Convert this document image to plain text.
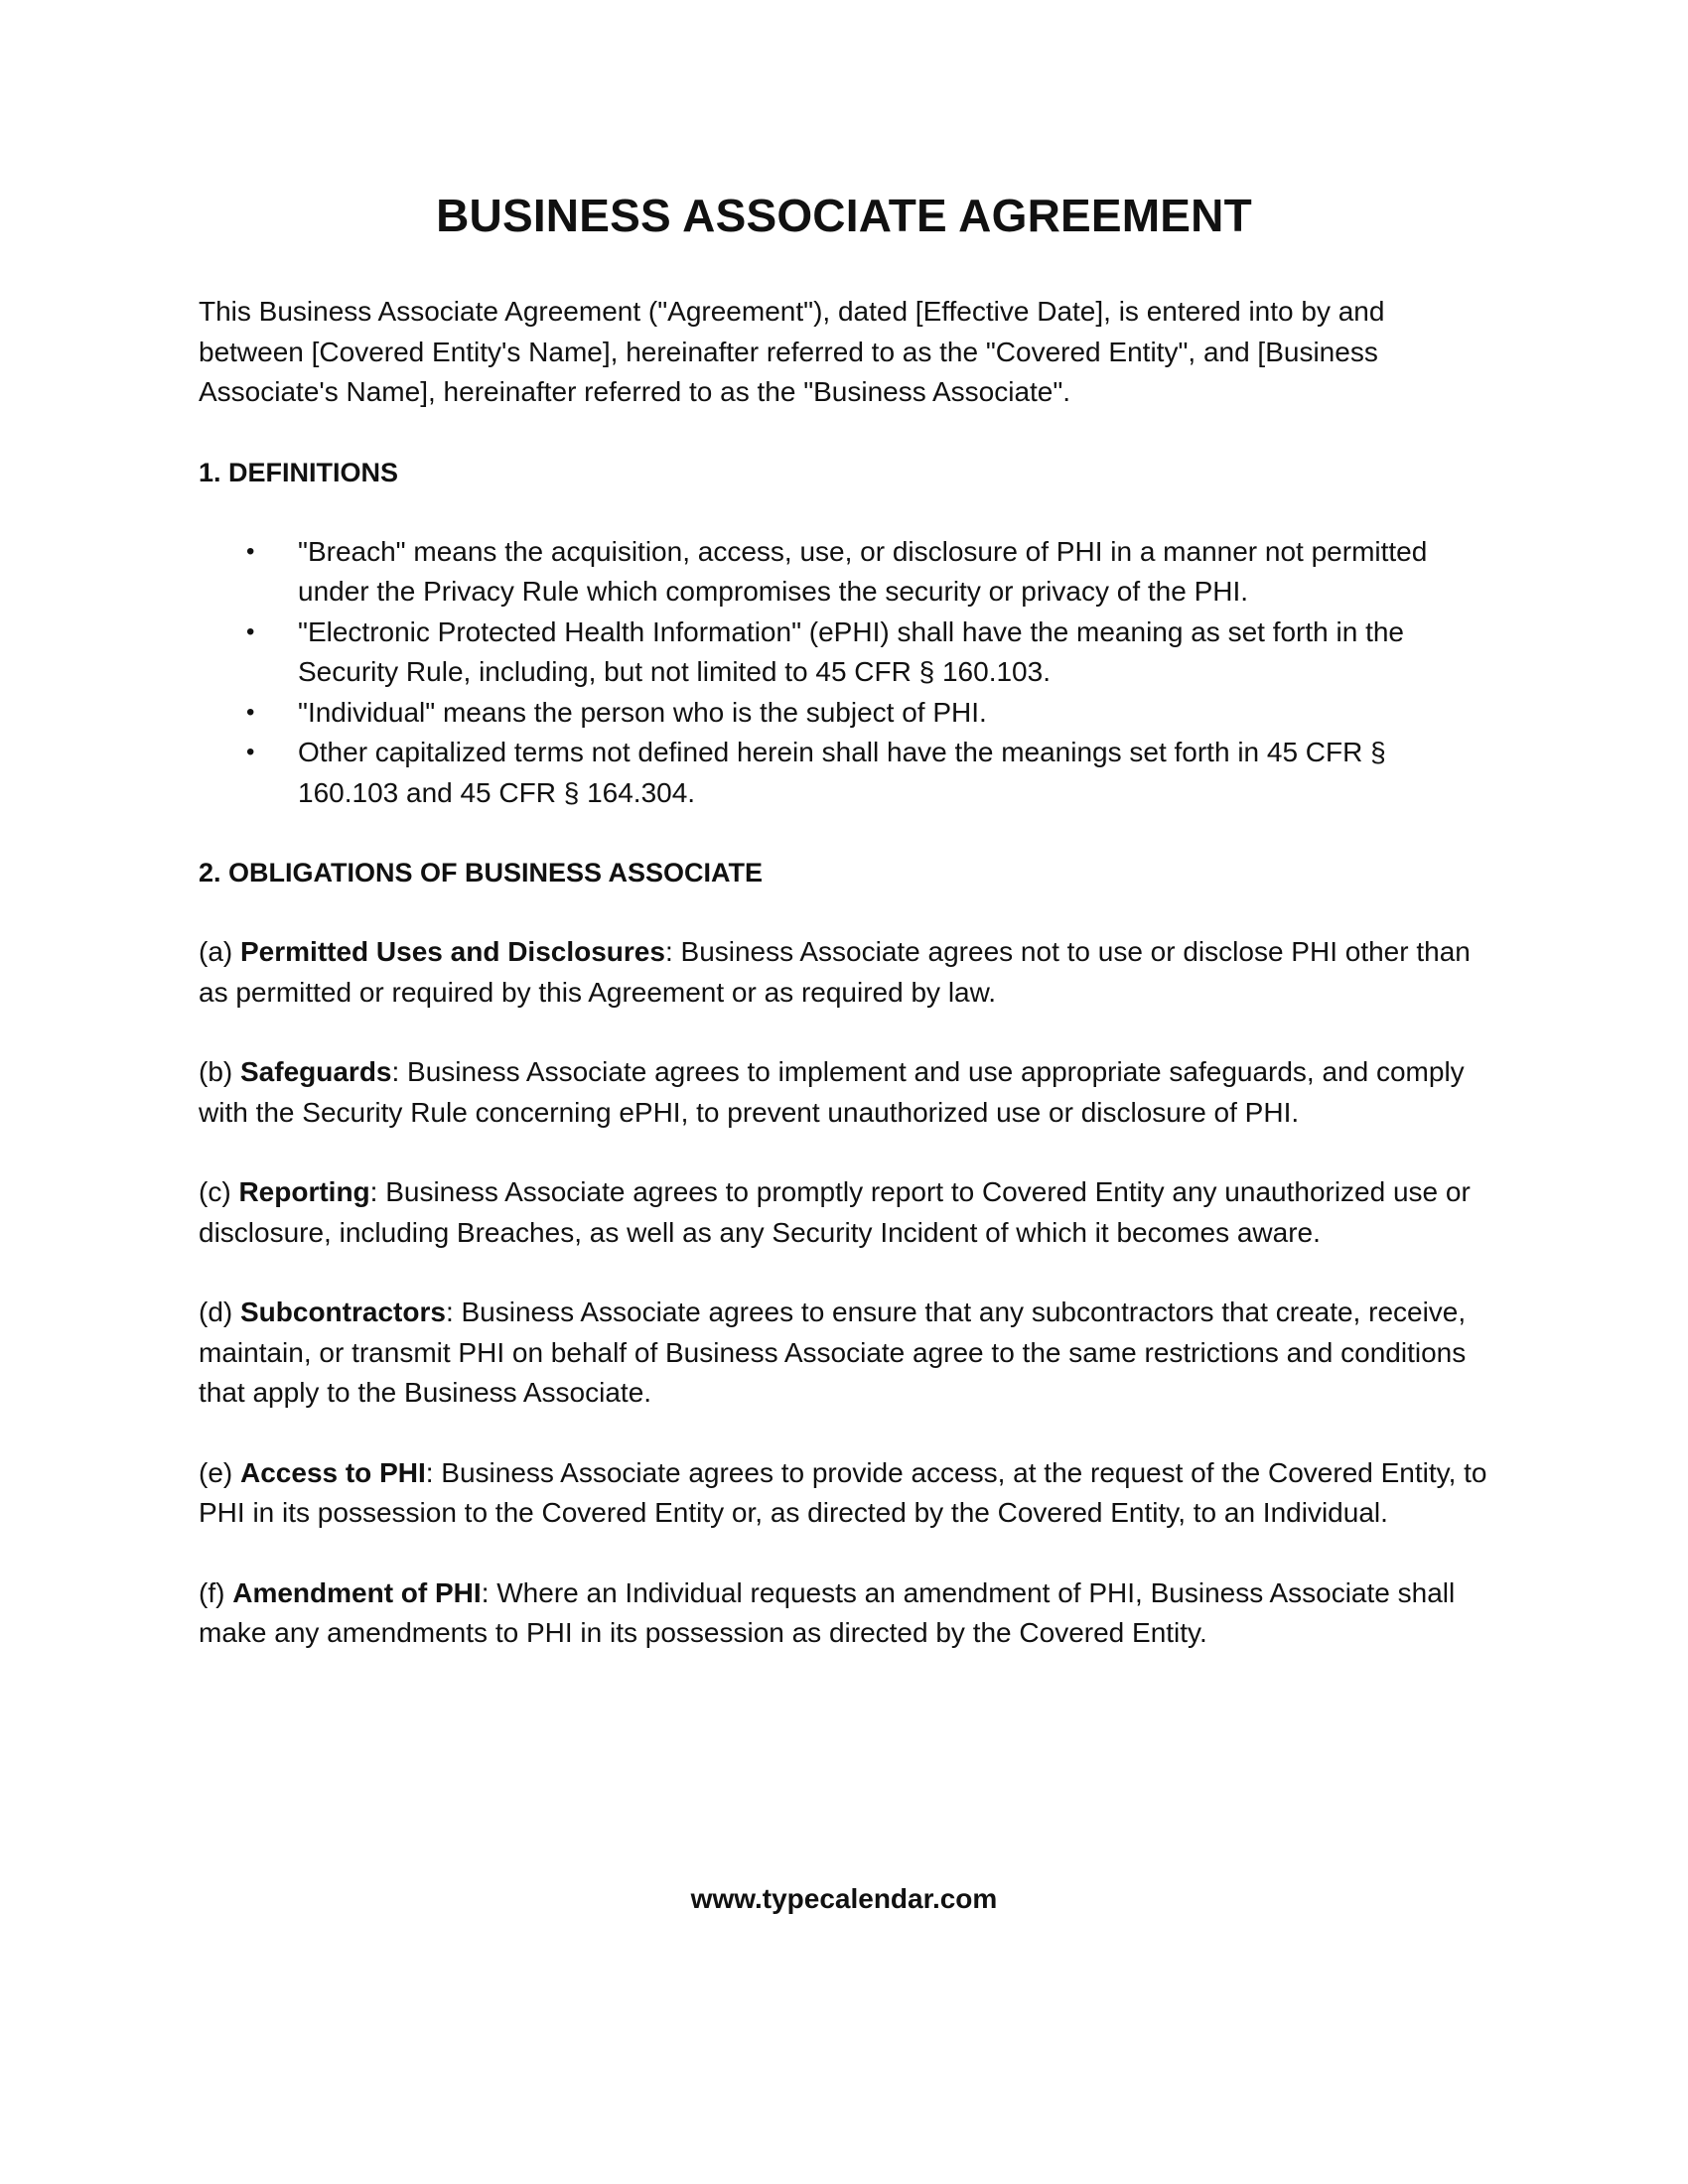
BUSINESS ASSOCIATE AGREEMENT

This Business Associate Agreement ("Agreement"), dated [Effective Date], is entered into by and between [Covered Entity's Name], hereinafter referred to as the "Covered Entity", and [Business Associate's Name], hereinafter referred to as the "Business Associate".

1. DEFINITIONS
• "Breach" means the acquisition, access, use, or disclosure of PHI in a manner not permitted under the Privacy Rule which compromises the security or privacy of the PHI.
• "Electronic Protected Health Information" (ePHI) shall have the meaning as set forth in the Security Rule, including, but not limited to 45 CFR § 160.103.
• "Individual" means the person who is the subject of PHI.
• Other capitalized terms not defined herein shall have the meanings set forth in 45 CFR § 160.103 and 45 CFR § 164.304.
2. OBLIGATIONS OF BUSINESS ASSOCIATE

(a) Permitted Uses and Disclosures: Business Associate agrees not to use or disclose PHI other than as permitted or required by this Agreement or as required by law.

(b) Safeguards: Business Associate agrees to implement and use appropriate safeguards, and comply with the Security Rule concerning ePHI, to prevent unauthorized use or disclosure of PHI.

(c) Reporting: Business Associate agrees to promptly report to Covered Entity any unauthorized use or disclosure, including Breaches, as well as any Security Incident of which it becomes aware.

(d) Subcontractors: Business Associate agrees to ensure that any subcontractors that create, receive, maintain, or transmit PHI on behalf of Business Associate agree to the same restrictions and conditions that apply to the Business Associate.

(e) Access to PHI: Business Associate agrees to provide access, at the request of the Covered Entity, to PHI in its possession to the Covered Entity or, as directed by the Covered Entity, to an Individual.

(f) Amendment of PHI: Where an Individual requests an amendment of PHI, Business Associate shall make any amendments to PHI in its possession as directed by the Covered Entity.

www.typecalendar.com
